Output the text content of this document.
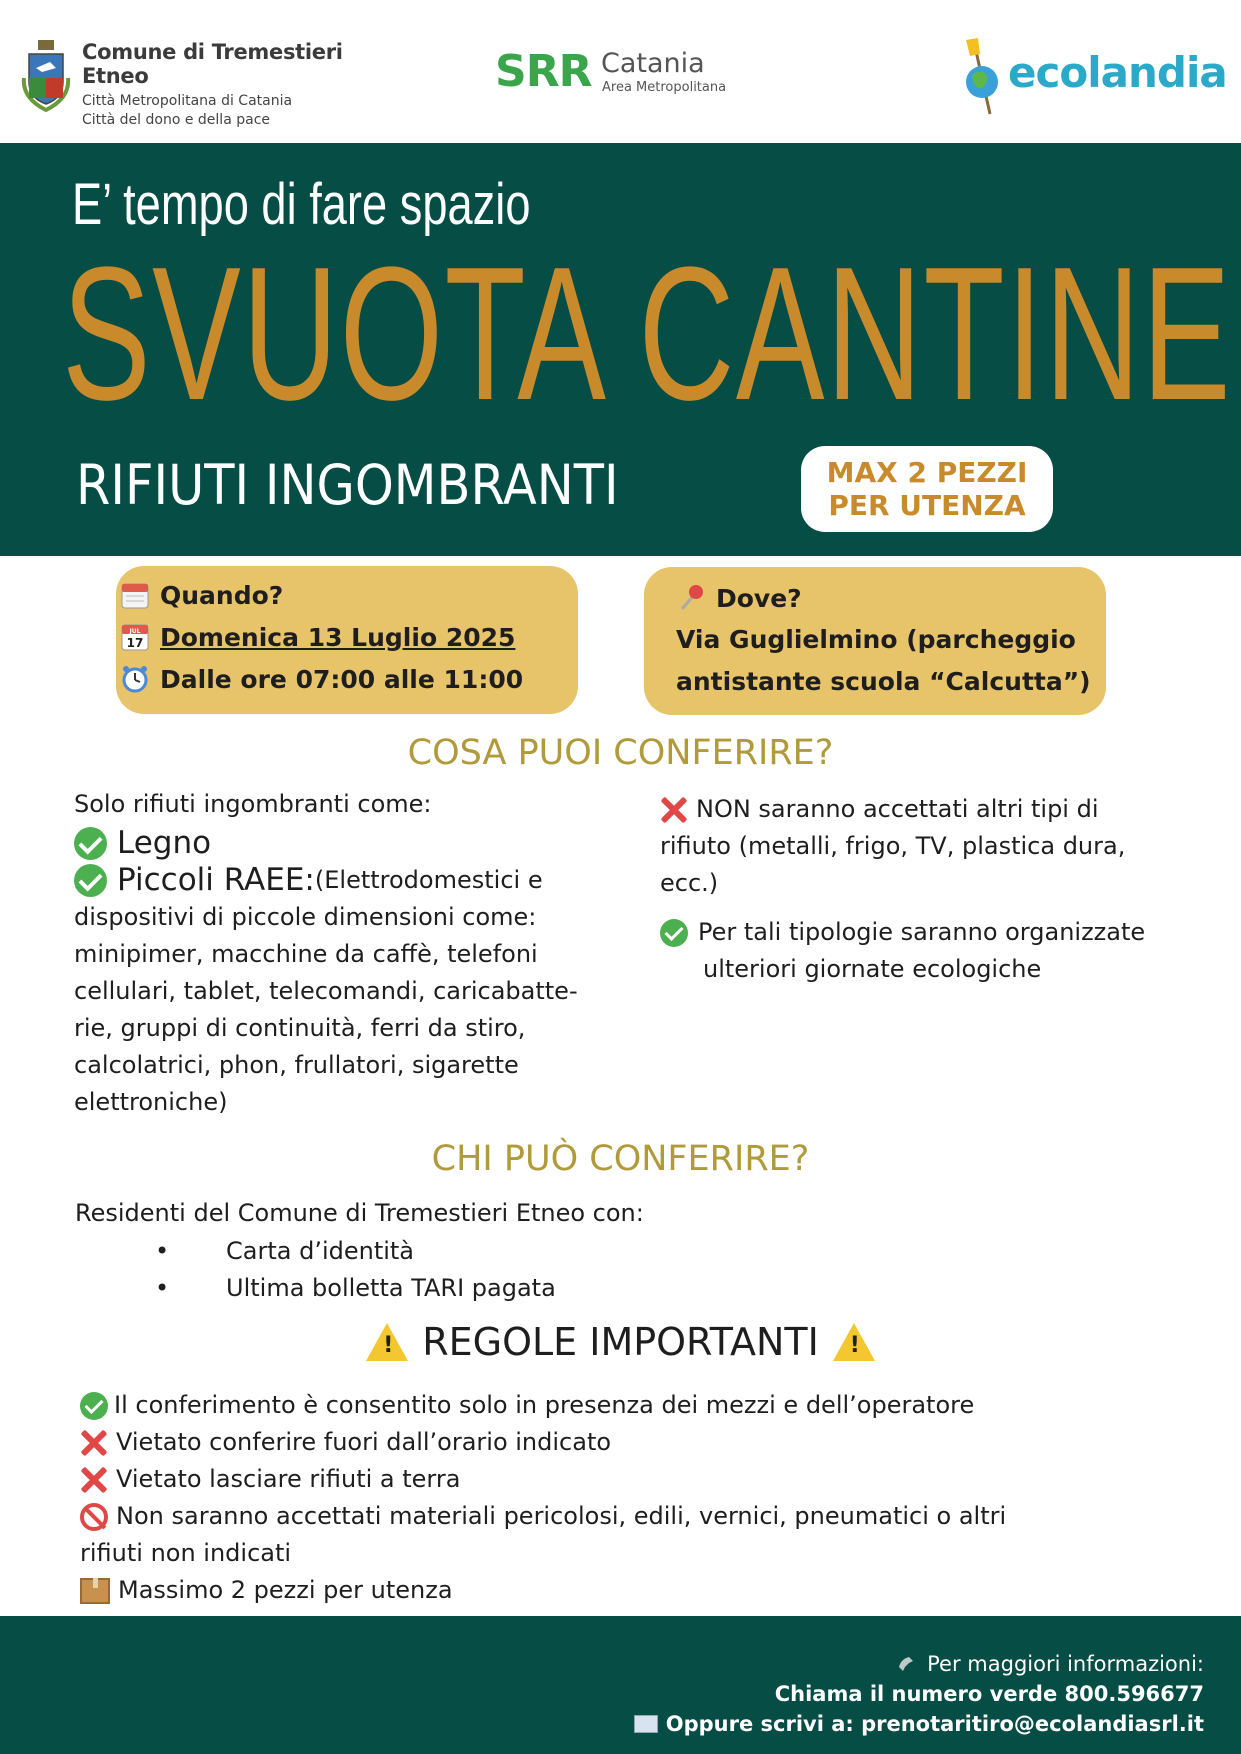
Comune di Tremestieri Etneo
Città Metropolitana di Catania
Città del dono e della pace
SRR Catania
Area Metropolitana	ecolandia
E’ tempo di fare spazio
SVUOTA CANTINE
RIFIUTI INGOMBRANTI	MAX 2 PEZZI
PER UTENZA
Quando?
JUL
17 Domenica 13 Luglio 2025
Dalle ore 07:00 alle 11:00
Dove?
Via Guglielmino (parcheggio
antistante scuola “Calcutta”)
COSA PUOI CONFERIRE?
Solo rifiuti ingombranti come:
Legno
Piccoli RAEE: (Elettrodomestici e
dispositivi di piccole dimensioni come:
minipimer, macchine da caffè, telefoni
cellulari, tablet, telecomandi, caricabatte-
rie, gruppi di continuità, ferri da stiro,
calcolatrici, phon, frullatori, sigarette
elettroniche)
NON saranno accettati altri tipi di
rifiuto (metalli, frigo, TV, plastica dura,
ecc.)
Per tali tipologie saranno organizzate
ulteriori giornate ecologiche
CHI PUÒ CONFERIRE?
Residenti del Comune di Tremestieri Etneo con:
• Carta d’identità
• Ultima bolletta TARI pagata
! REGOLE IMPORTANTI !
Il conferimento è consentito solo in presenza dei mezzi e dell’operatore
Vietato conferire fuori dall’orario indicato
Vietato lasciare rifiuti a terra
Non saranno accettati materiali pericolosi, edili, vernici, pneumatici o altri
rifiuti non indicati
Massimo 2 pezzi per utenza
Per maggiori informazioni:
Chiama il numero verde 800.596677
Oppure scrivi a: prenotaritiro@ecolandiasrl.it
